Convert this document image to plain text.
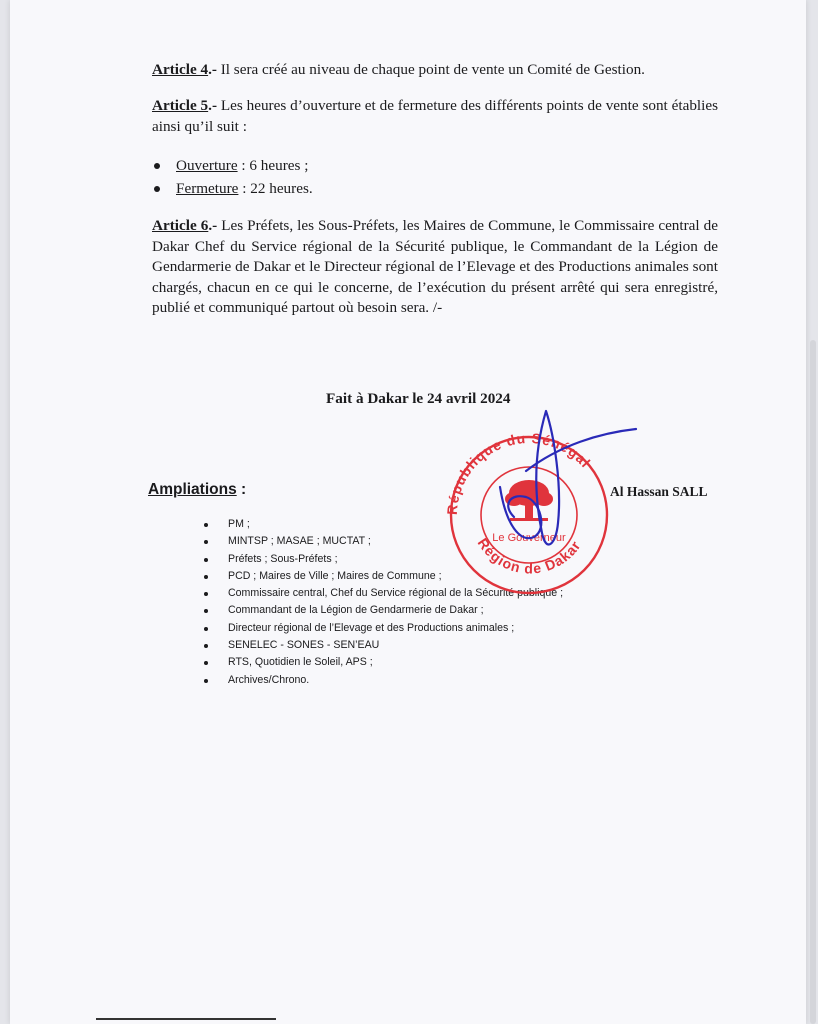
Article 4.- Il sera créé au niveau de chaque point de vente un Comité de Gestion.

Article 5.- Les heures d’ouverture et de fermeture des différents points de vente sont établies ainsi qu’il suit :

Ouverture : 6 heures ;
Fermeture : 22 heures.

Article 6.- Les Préfets, les Sous-Préfets, les Maires de Commune, le Commissaire central de Dakar Chef du Service régional de la Sécurité publique, le Commandant de la Légion de Gendarmerie de Dakar et le Directeur régional de l’Elevage et des Productions animales sont chargés, chacun en ce qui le concerne, de l’exécution du présent arrêté qui sera enregistré, publié et communiqué partout où besoin sera. /-

Fait à Dakar le 24 avril 2024
Ampliations :	Al Hassan SALL
PM ;
MINTSP ; MASAE ; MUCTAT ;
Préfets ; Sous-Préfets ;
PCD ; Maires de Ville ; Maires de Commune ;
Commissaire central, Chef du Service régional de la Sécurité publique ;
Commandant de la Légion de Gendarmerie de Dakar ;
Directeur régional de l’Elevage et des Productions animales ;
SENELEC - SONES - SEN’EAU
RTS, Quotidien le Soleil, APS ;
Archives/Chrono.
République du Sénégal
Région de Dakar
Le Gouverneur
